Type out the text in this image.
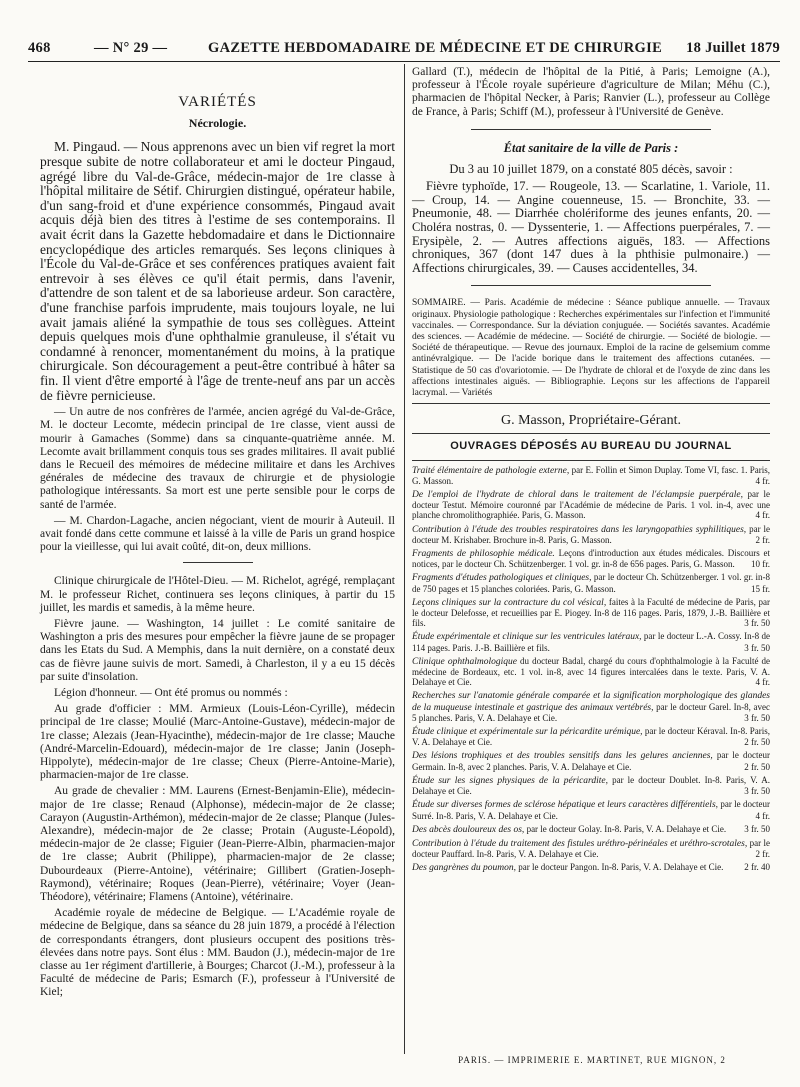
468	— N° 29 —	GAZETTE HEBDOMADAIRE DE MÉDECINE ET DE CHIRURGIE 18 Juillet 1879
VARIÉTÉS
Nécrologie.

M. Pingaud. — Nous apprenons avec un bien vif regret la mort presque subite de notre collaborateur et ami le docteur Pingaud, agrégé libre du Val-de-Grâce, médecin-major de 1re classe à l'hôpital militaire de Sétif. Chirurgien distingué, opérateur habile, d'un sang-froid et d'une expérience consommés, Pingaud avait acquis déjà bien des titres à l'estime de ses contemporains. Il avait écrit dans la Gazette hebdomadaire et dans le Dictionnaire encyclopédique des articles remarqués. Ses leçons cliniques à l'École du Val-de-Grâce et ses conférences pratiques avaient fait entrevoir à ses élèves ce qu'il était permis, dans l'avenir, d'attendre de son talent et de sa laborieuse ardeur. Son caractère, d'une franchise parfois imprudente, mais toujours loyale, ne lui avait jamais aliéné la sympathie de tous ses collègues. Atteint depuis quelques mois d'une ophthalmie granuleuse, il s'était vu condamné à renoncer, momentanément du moins, à la pratique chirurgicale. Son découragement a peut-être contribué à hâter sa fin. Il vient d'être emporté à l'âge de trente-neuf ans par un accès de fièvre pernicieuse.

— Un autre de nos confrères de l'armée, ancien agrégé du Val-de-Grâce, M. le docteur Lecomte, médecin principal de 1re classe, vient aussi de mourir à Gamaches (Somme) dans sa cinquante-quatrième année. M. Lecomte avait brillamment conquis tous ses grades militaires. Il avait publié dans le Recueil des mémoires de médecine militaire et dans les Archives générales de médecine des travaux de chirurgie et de physiologie pathologique intéressants. Sa mort est une perte sensible pour le corps de santé de l'armée.

— M. Chardon-Lagache, ancien négociant, vient de mourir à Auteuil. Il avait fondé dans cette commune et laissé à la ville de Paris un grand hospice pour la vieillesse, qui lui avait coûté, dit-on, deux millions.

Clinique chirurgicale de l'Hôtel-Dieu. — M. Richelot, agrégé, remplaçant M. le professeur Richet, continuera ses leçons cliniques, à partir du 15 juillet, les mardis et samedis, à la même heure.

Fièvre jaune. — Washington, 14 juillet : Le comité sanitaire de Washington a pris des mesures pour empêcher la fièvre jaune de se propager dans les Etats du Sud. A Memphis, dans la nuit dernière, on a constaté deux cas de fièvre jaune suivis de mort. Samedi, à Charleston, il y a eu 15 décès par suite d'insolation.

Légion d'honneur. — Ont été promus ou nommés :

Au grade d'officier : MM. Armieux (Louis-Léon-Cyrille), médecin principal de 1re classe; Moulié (Marc-Antoine-Gustave), médecin-major de 1re classe; Alezais (Jean-Hyacinthe), médecin-major de 1re classe; Mauche (André-Marcelin-Edouard), médecin-major de 1re classe; Janin (Joseph-Hippolyte), médecin-major de 1re classe; Cheux (Pierre-Antoine-Marie), pharmacien-major de 1re classe.

Au grade de chevalier : MM. Laurens (Ernest-Benjamin-Elie), médecin-major de 1re classe; Renaud (Alphonse), médecin-major de 2e classe; Carayon (Augustin-Arthémon), médecin-major de 2e classe; Planque (Jules-Alexandre), médecin-major de 2e classe; Protain (Auguste-Léopold), médecin-major de 2e classe; Figuier (Jean-Pierre-Albin, pharmacien-major de 1re classe; Aubrit (Philippe), pharmacien-major de 2e classe; Dubourdeaux (Pierre-Antoine), vétérinaire; Gillibert (Gratien-Joseph-Raymond), vétérinaire; Roques (Jean-Pierre), vétérinaire; Voyer (Jean-Théodore), vétérinaire; Flamens (Antoine), vétérinaire.

Académie royale de médecine de Belgique. — L'Académie royale de médecine de Belgique, dans sa séance du 28 juin 1879, a procédé à l'élection de correspondants étrangers, dont plusieurs occupent des positions très-élevées dans notre pays. Sont élus : MM. Baudon (J.), médecin-major de 1re classe au 1er régiment d'artillerie, à Bourges; Charcot (J.-M.), professeur à la Faculté de médecine de Paris; Esmarch (F.), professeur à l'Université de Kiel;

Gallard (T.), médecin de l'hôpital de la Pitié, à Paris; Lemoigne (A.), professeur à l'École royale supérieure d'agriculture de Milan; Méhu (C.), pharmacien de l'hôpital Necker, à Paris; Ranvier (L.), professeur au Collège de France, à Paris; Schiff (M.), professeur à l'Université de Genève.

État sanitaire de la ville de Paris :
Du 3 au 10 juillet 1879, on a constaté 805 décès, savoir :

Fièvre typhoïde, 17. — Rougeole, 13. — Scarlatine, 1. Variole, 11. — Croup, 14. — Angine couenneuse, 15. — Bronchite, 33. — Pneumonie, 48. — Diarrhée cholériforme des jeunes enfants, 20. — Choléra nostras, 0. — Dyssenterie, 1. — Affections puerpérales, 7. — Erysipèle, 2. — Autres affections aiguës, 183. — Affections chroniques, 367 (dont 147 dues à la phthisie pulmonaire.) — Affections chirurgicales, 39. — Causes accidentelles, 34.

SOMMAIRE. — Paris. Académie de médecine : Séance publique annuelle. — Travaux originaux. Physiologie pathologique : Recherches expérimentales sur l'infection et l'immunité vaccinales. — Correspondance. Sur la déviation conjuguée. — Sociétés savantes. Académie des sciences. — Académie de médecine. — Société de chirurgie. — Société de biologie. — Société de thérapeutique. — Revue des journaux. Emploi de la racine de gelsemium comme antinévralgique. — De l'acide borique dans le traitement des affections cutanées. — Statistique de 50 cas d'ovariotomie. — De l'hydrate de chloral et de l'oxyde de zinc dans les affections intestinales aiguës. — Bibliographie. Leçons sur les affections de l'appareil lacrymal. — Variétés

G. Masson, Propriétaire-Gérant.
OUVRAGES DÉPOSÉS AU BUREAU DU JOURNAL

Traité élémentaire de pathologie externe, par E. Follin et Simon Duplay. Tome VI, fasc. 1. Paris, G. Masson.	4 fr.

De l'emploi de l'hydrate de chloral dans le traitement de l'éclampsie puerpérale, par le docteur Testut. Mémoire couronné par l'Académie de médecine de Paris. 1 vol. in-4, avec une planche chromolithographiée. Paris, G. Masson.	4 fr.

Contribution à l'étude des troubles respiratoires dans les laryngopathies syphilitiques, par le docteur M. Krishaber. Brochure in-8. Paris, G. Masson.	2 fr.

Fragments de philosophie médicale. Leçons d'introduction aux études médicales. Discours et notices, par le docteur Ch. Schützenberger. 1 vol. gr. in-8 de 656 pages. Paris, G. Masson. 10 fr.

Fragments d'études pathologiques et cliniques, par le docteur Ch. Schützenberger. 1 vol. gr. in-8 de 750 pages et 15 planches coloriées. Paris, G. Masson.	15 fr.

Leçons cliniques sur la contracture du col vésical, faites à la Faculté de médecine de Paris, par le docteur Delefosse, et recueillies par E. Piogey. In-8 de 116 pages. Paris, 1879, J.-B. Baillière et fils.	3 fr. 50

Étude expérimentale et clinique sur les ventricules latéraux, par le docteur L.-A. Cossy. In-8 de 114 pages. Paris. J.-B. Baillière et fils.	3 fr. 50

Clinique ophthalmologique du docteur Badal, chargé du cours d'ophthalmologie à la Faculté de médecine de Bordeaux, etc. 1 vol. in-8, avec 14 figures intercalées dans le texte. Paris, V. A. Delahaye et Cie.	4 fr.

Recherches sur l'anatomie générale comparée et la signification morphologique des glandes de la muqueuse intestinale et gastrique des animaux vertébrés, par le docteur Garel. In-8, avec 5 planches. Paris, V. A. Delahaye et Cie.	3 fr. 50

Étude clinique et expérimentale sur la péricardite urémique, par le docteur Kéraval. In-8. Paris, V. A. Delahaye et Cie.	2 fr. 50

Des lésions trophiques et des troubles sensitifs dans les gelures anciennes, par le docteur Germain. In-8, avec 2 planches. Paris, V. A. Delahaye et Cie.	2 fr. 50

Étude sur les signes physiques de la péricardite, par le docteur Doublet. In-8. Paris, V. A. Delahaye et Cie.	3 fr. 50

Étude sur diverses formes de sclérose hépatique et leurs caractères différentiels, par le docteur Surré. In-8. Paris, V. A. Delahaye et Cie.	4 fr.

Des abcès douloureux des os, par le docteur Golay. In-8. Paris, V. A. Delahaye et Cie. 3 fr. 50

Contribution à l'étude du traitement des fistules uréthro-périnéales et uréthro-scrotales, par le docteur Pauffard. In-8. Paris, V. A. Delahaye et Cie.	2 fr.

Des gangrènes du poumon, par le docteur Pangon. In-8. Paris, V. A. Delahaye et Cie. 2 fr. 40

PARIS. — IMPRIMERIE E. MARTINET, RUE MIGNON, 2
